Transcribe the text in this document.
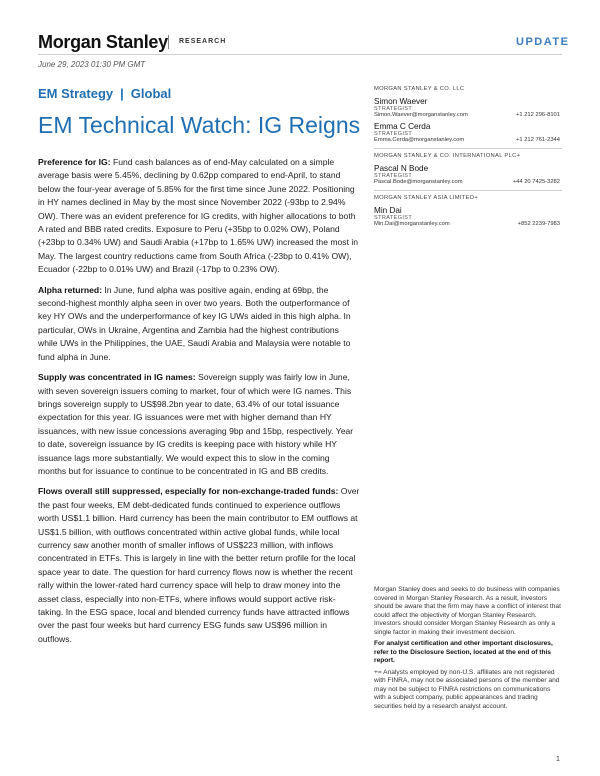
Morgan Stanley RESEARCH	UPDATE
June 29, 2023 01:30 PM GMT
EM Strategy | Global
EM Technical Watch: IG Reigns

Preference for IG: Fund cash balances as of end-May calculated on a simple average basis were 5.45%, declining by 0.62pp compared to end-April, to stand below the four-year average of 5.85% for the first time since June 2022. Positioning in HY names declined in May by the most since November 2022 (-93bp to 2.94% OW). There was an evident preference for IG credits, with higher allocations to both A rated and BBB rated credits. Exposure to Peru (+35bp to 0.02% OW), Poland (+23bp to 0.34% UW) and Saudi Arabia (+17bp to 1.65% UW) increased the most in May. The largest country reductions came from South Africa (-23bp to 0.41% OW), Ecuador (-22bp to 0.01% UW) and Brazil (-17bp to 0.23% OW).

Alpha returned: In June, fund alpha was positive again, ending at 69bp, the second-highest monthly alpha seen in over two years. Both the outperformance of key HY OWs and the underperformance of key IG UWs aided in this high alpha. In particular, OWs in Ukraine, Argentina and Zambia had the highest contributions while UWs in the Philippines, the UAE, Saudi Arabia and Malaysia were notable to fund alpha in June.

Supply was concentrated in IG names: Sovereign supply was fairly low in June, with seven sovereign issuers coming to market, four of which were IG names. This brings sovereign supply to US$98.2bn year to date, 63.4% of our total issuance expectation for this year. IG issuances were met with higher demand than HY issuances, with new issue concessions averaging 9bp and 15bp, respectively. Year to date, sovereign issuance by IG credits is keeping pace with history while HY issuance lags more substantially. We would expect this to slow in the coming months but for issuance to continue to be concentrated in IG and BB credits.

Flows overall still suppressed, especially for non-exchange-traded funds: Over the past four weeks, EM debt-dedicated funds continued to experience outflows worth US$1.1 billion. Hard currency has been the main contributor to EM outflows at US$1.5 billion, with outflows concentrated within active global funds, while local currency saw another month of smaller inflows of US$223 million, with inflows concentrated in ETFs. This is largely in line with the better return profile for the local space year to date. The question for hard currency flows now is whether the recent rally within the lower-rated hard currency space will help to draw money into the asset class, especially into non-ETFs, where inflows would support active risk-taking. In the ESG space, local and blended currency funds have attracted inflows over the past four weeks but hard currency ESG funds saw US$96 million in outflows.

MORGAN STANLEY & CO. LLC
Simon Waever
STRATEGIST
Simon.Waever@morganstanley.com	+1 212 296-8101
Emma C Cerda
STRATEGIST
Emma.Cerda@morganstanley.com	+1 212 761-2344
MORGAN STANLEY & CO. INTERNATIONAL PLC+
Pascal N Bode
STRATEGIST
Pascal.Bode@morganstanley.com	+44 20 7425-3282
MORGAN STANLEY ASIA LIMITED+
Min Dai
STRATEGIST
Min.Dai@morganstanley.com	+852 2239-7983

Morgan Stanley does and seeks to do business with companies covered in Morgan Stanley Research. As a result, investors should be aware that the firm may have a conflict of interest that could affect the objectivity of Morgan Stanley Research. Investors should consider Morgan Stanley Research as only a single factor in making their investment decision.

For analyst certification and other important disclosures, refer to the Disclosure Section, located at the end of this report.

+= Analysts employed by non-U.S. affiliates are not registered with FINRA, may not be associated persons of the member and may not be subject to FINRA restrictions on communications with a subject company, public appearances and trading securities held by a research analyst account.

1
